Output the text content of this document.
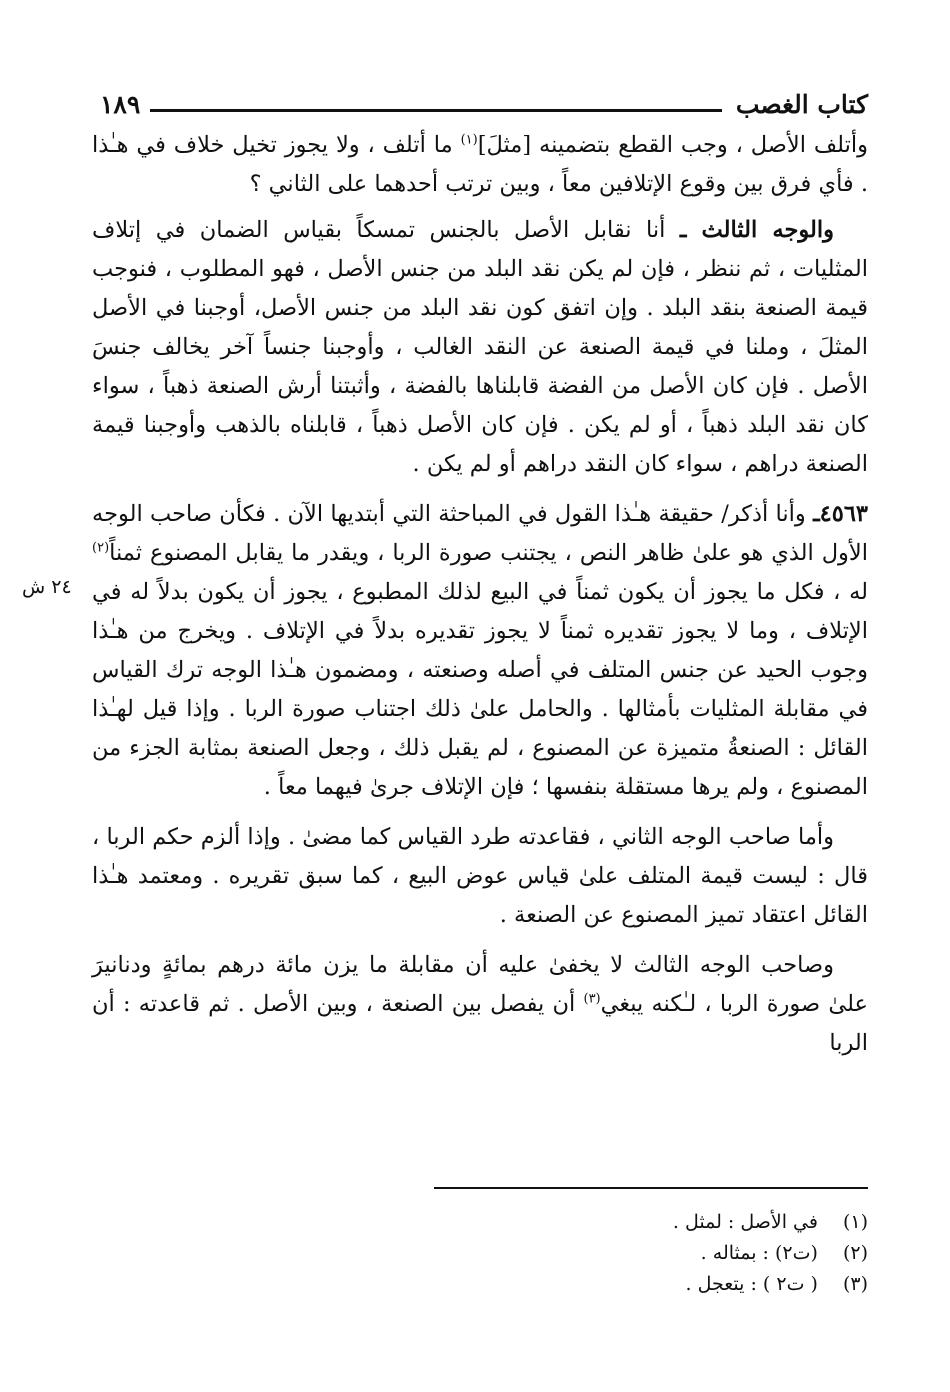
كتاب الغصب
١٨٩
٢٤ ش

وأتلف الأصل ، وجب القطع بتضمينه [مثلَ]$^{(١)}$ ما أتلف ، ولا يجوز تخيل خلاف في هـٰذا . فأي فرق بين وقوع الإتلافين معاً ، وبين ترتب أحدهما على الثاني ؟

والوجه الثالث ـ أنا نقابل الأصل بالجنس تمسكاً بقياس الضمان في إتلاف المثليات ، ثم ننظر ، فإن لم يكن نقد البلد من جنس الأصل ، فهو المطلوب ، فنوجب قيمة الصنعة بنقد البلد . وإن اتفق كون نقد البلد من جنس الأصل، أوجبنا في الأصل المثلَ ، وملنا في قيمة الصنعة عن النقد الغالب ، وأوجبنا جنساً آخر يخالف جنسَ الأصل . فإن كان الأصل من الفضة قابلناها بالفضة ، وأثبتنا أرش الصنعة ذهباً ، سواء كان نقد البلد ذهباً ، أو لم يكن . فإن كان الأصل ذهباً ، قابلناه بالذهب وأوجبنا قيمة الصنعة دراهم ، سواء كان النقد دراهم أو لم يكن .

٤٥٦٣ـ وأنا أذكر/ حقيقة هـٰذا القول في المباحثة التي أبتديها الآن . فكأن صاحب الوجه الأول الذي هو علىٰ ظاهر النص ، يجتنب صورة الربا ، ويقدر ما يقابل المصنوع ثمناً$^{(٢)}$ له ، فكل ما يجوز أن يكون ثمناً في البيع لذلك المطبوع ، يجوز أن يكون بدلاً له في الإتلاف ، وما لا يجوز تقديره ثمناً لا يجوز تقديره بدلاً في الإتلاف . ويخرج من هـٰذا وجوب الحيد عن جنس المتلف في أصله وصنعته ، ومضمون هـٰذا الوجه ترك القياس في مقابلة المثليات بأمثالها . والحامل علىٰ ذلك اجتناب صورة الربا . وإذا قيل لهـٰذا القائل : الصنعةُ متميزة عن المصنوع ، لم يقبل ذلك ، وجعل الصنعة بمثابة الجزء من المصنوع ، ولم يرها مستقلة بنفسها ؛ فإن الإتلاف جرىٰ فيهما معاً .

وأما صاحب الوجه الثاني ، فقاعدته طرد القياس كما مضىٰ . وإذا ألزم حكم الربا ، قال : ليست قيمة المتلف علىٰ قياس عوض البيع ، كما سبق تقريره . ومعتمد هـٰذا القائل اعتقاد تميز المصنوع عن الصنعة .

وصاحب الوجه الثالث لا يخفىٰ عليه أن مقابلة ما يزن مائة درهم بمائةٍ ودنانيرَ علىٰ صورة الربا ، لـٰكنه يبغي$^{(٣)}$ أن يفصل بين الصنعة ، وبين الأصل . ثم قاعدته : أن الربا

(١) في الأصل : لمثل .
(٢) (ت٢) : بمثاله .
(٣) ( ت٢ ) : يتعجل .
